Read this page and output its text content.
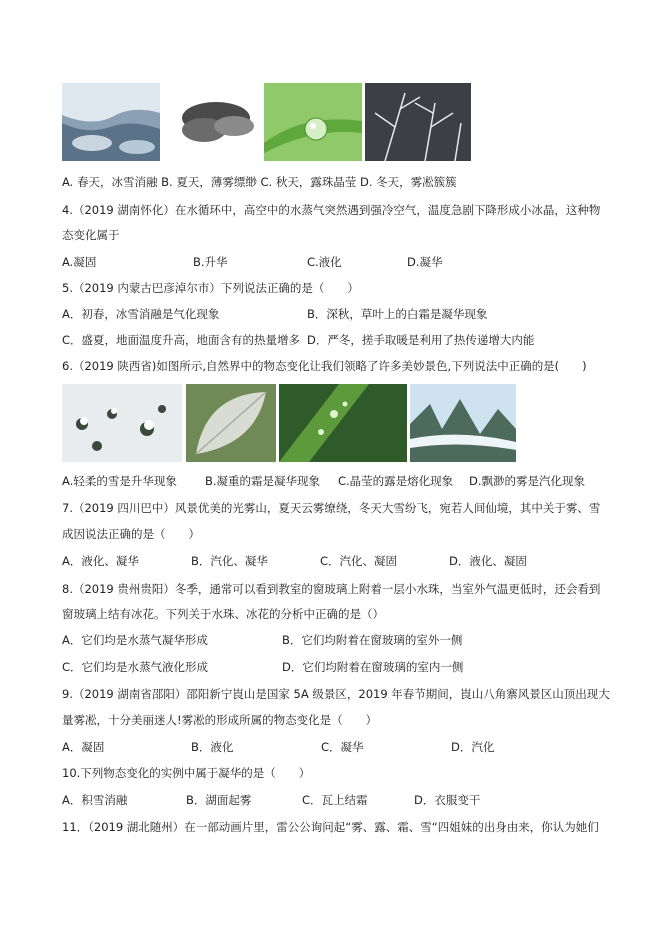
A. 春天，冰雪消融 B. 夏天，薄雾缥缈 C. 秋天，露珠晶莹 D. 冬天，雾凇簇簇
4.（2019 湖南怀化）在水循环中，高空中的水蒸气突然遇到强冷空气，温度急剧下降形成小冰晶，这种物
态变化属于
A.凝固	B.升华	C.液化	D.凝华
5.（2019 内蒙古巴彦淖尔市）下列说法正确的是（　　）
A．初春，冰雪消融是气化现象	B．深秋，草叶上的白霜是凝华现象
C．盛夏，地面温度升高，地面含有的热量增多 D．严冬，搓手取暖是利用了热传递增大内能
6.（2019 陕西省)如图所示,自然界中的物态变化让我们领略了许多美妙景色,下列说法中正确的是(　　)
A.轻柔的雪是升华现象 B.凝重的霜是凝华现象 C.晶莹的露是熔化现象 D.飘渺的雾是汽化现象
7.（2019 四川巴中）风景优美的光雾山，夏天云雾缭绕，冬天大雪纷飞，宛若人间仙境，其中关于雾、雪
成因说法正确的是（　　）
A．液化、凝华	B．汽化、凝华	C．汽化、凝固	D．液化、凝固
8.（2019 贵州贵阳）冬季，通常可以看到教室的窗玻璃上附着一层小水珠，当室外气温更低时，还会看到
窗玻璃上结有冰花。下列关于水珠、冰花的分析中正确的是（）
A．它们均是水蒸气凝华形成	B．它们均附着在窗玻璃的室外一侧
C．它们均是水蒸气液化形成	D．它们均附着在窗玻璃的室内一侧
9.（2019 湖南省邵阳）邵阳新宁崀山是国家 5A 级景区，2019 年春节期间，崀山八角寨风景区山顶出现大
量雾凇，十分美丽迷人!雾凇的形成所属的物态变化是（　　）
A．凝固	B．液化	C．凝华	D．汽化
10.下列物态变化的实例中属于凝华的是（　　）
A．积雪消融	B．湖面起雾	C．瓦上结霜	D．衣服变干
11．（2019 湖北随州）在一部动画片里，雷公公询问起“雾、露、霜、雪“四姐妹的出身由来，你认为她们
